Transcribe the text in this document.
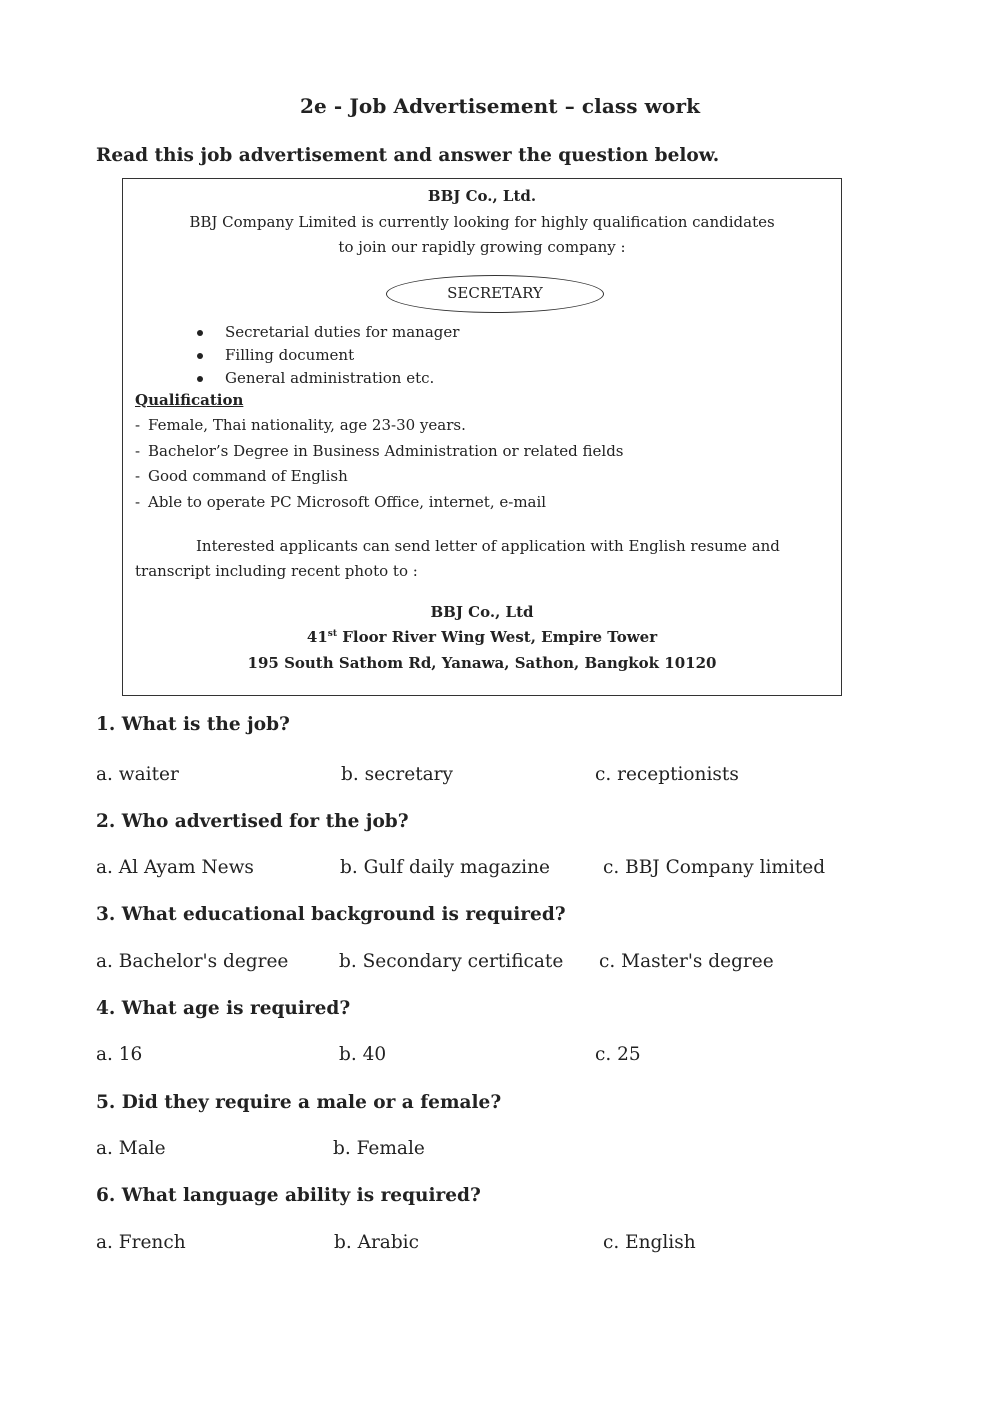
2e - Job Advertisement – class work
Read this job advertisement and answer the question below.
BBJ Co., Ltd.
BBJ Company Limited is currently looking for highly qualification candidates
to join our rapidly growing company :
SECRETARY
Secretarial duties for manager
Filling document
General administration etc.
Qualification
- Female, Thai nationality, age 23-30 years.
- Bachelor’s Degree in Business Administration or related fields
- Good command of English
- Able to operate PC Microsoft Office, internet, e-mail
Interested applicants can send letter of application with English resume and transcript including recent photo to :
BBJ Co., Ltd
41st Floor River Wing West, Empire Tower
195 South Sathom Rd, Yanawa, Sathon, Bangkok 10120
1. What is the job?
a. waiter	b. secretary	c. receptionists
2. Who advertised for the job?
a. Al Ayam News	b. Gulf daily magazine	c. BBJ Company limited
3. What educational background is required?
a. Bachelor's degree	b. Secondary certificate c. Master's degree
4. What age is required?
a. 16	b. 40	c. 25
5. Did they require a male or a female?
a. Male	b. Female
6. What language ability is required?
a. French	b. Arabic	c. English
